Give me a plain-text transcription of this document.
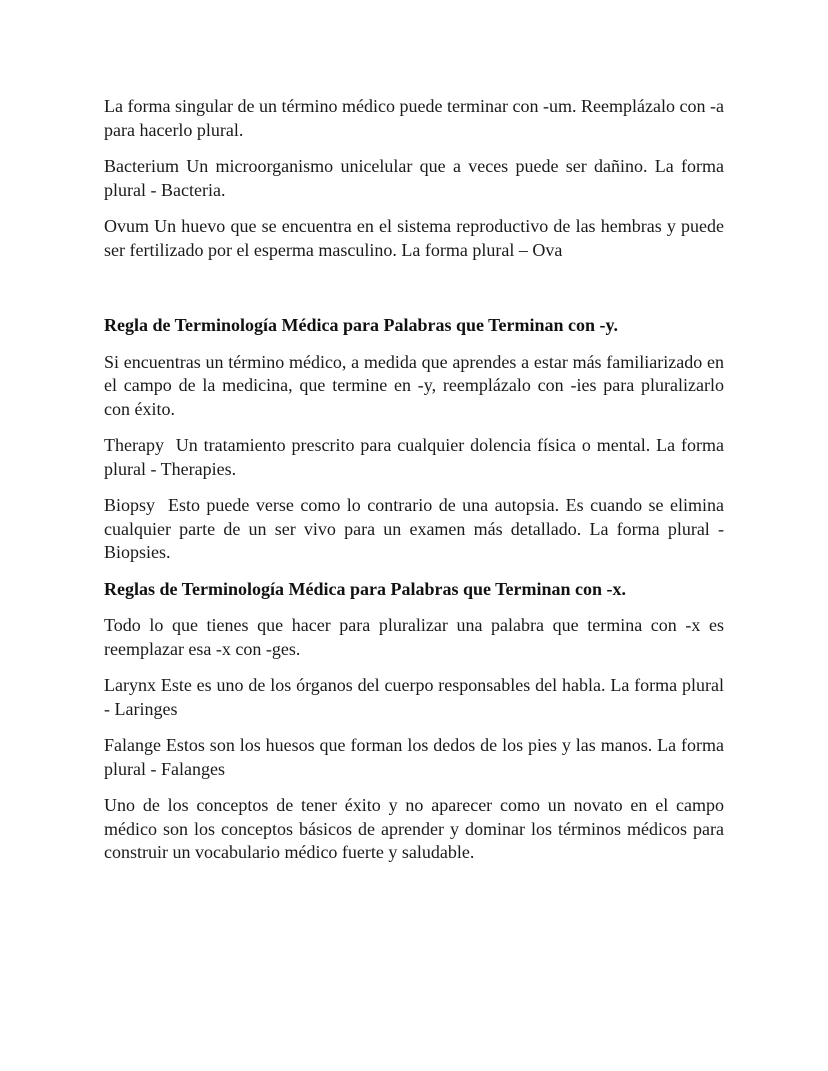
La forma singular de un término médico puede terminar con -um. Reemplázalo con -a para hacerlo plural.

Bacterium Un microorganismo unicelular que a veces puede ser dañino. La forma plural - Bacteria.

Ovum Un huevo que se encuentra en el sistema reproductivo de las hembras y puede ser fertilizado por el esperma masculino. La forma plural – Ova

Regla de Terminología Médica para Palabras que Terminan con -y.

Si encuentras un término médico, a medida que aprendes a estar más familiarizado en el campo de la medicina, que termine en -y, reemplázalo con -ies para pluralizarlo con éxito.

Therapy  Un tratamiento prescrito para cualquier dolencia física o mental. La forma plural - Therapies.

Biopsy  Esto puede verse como lo contrario de una autopsia. Es cuando se elimina cualquier parte de un ser vivo para un examen más detallado. La forma plural - Biopsies.

Reglas de Terminología Médica para Palabras que Terminan con -x.

Todo lo que tienes que hacer para pluralizar una palabra que termina con -x es reemplazar esa -x con -ges.

Larynx Este es uno de los órganos del cuerpo responsables del habla. La forma plural - Laringes

Falange Estos son los huesos que forman los dedos de los pies y las manos. La forma plural - Falanges

Uno de los conceptos de tener éxito y no aparecer como un novato en el campo médico son los conceptos básicos de aprender y dominar los términos médicos para construir un vocabulario médico fuerte y saludable.
